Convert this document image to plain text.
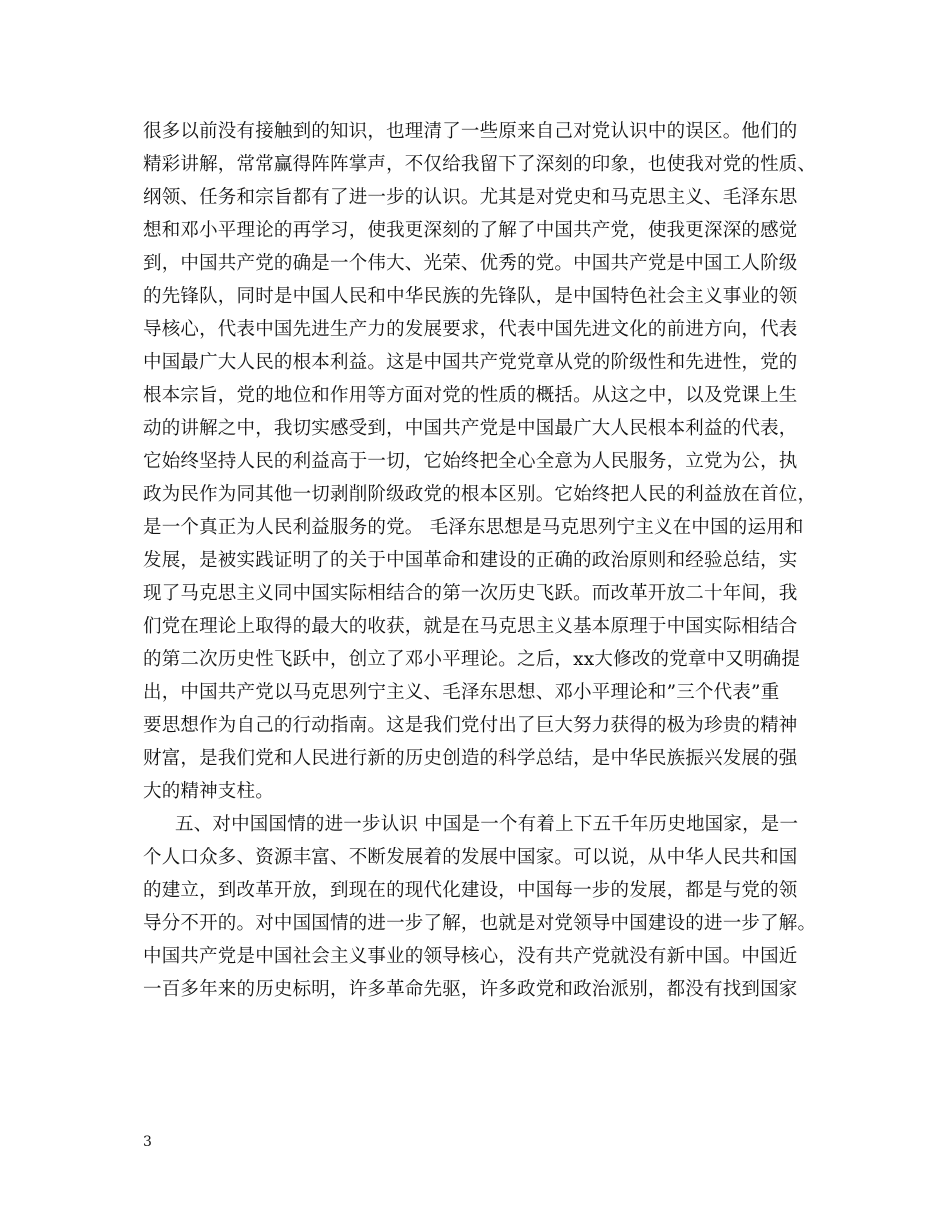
很多以前没有接触到的知识，也理清了一些原来自己对党认识中的误区。他们的
精彩讲解，常常赢得阵阵掌声，不仅给我留下了深刻的印象，也使我对党的性质、
纲领、任务和宗旨都有了进一步的认识。尤其是对党史和马克思主义、毛泽东思
想和邓小平理论的再学习，使我更深刻的了解了中国共产党，使我更深深的感觉
到，中国共产党的确是一个伟大、光荣、优秀的党。中国共产党是中国工人阶级
的先锋队，同时是中国人民和中华民族的先锋队，是中国特色社会主义事业的领
导核心，代表中国先进生产力的发展要求，代表中国先进文化的前进方向，代表
中国最广大人民的根本利益。这是中国共产党党章从党的阶级性和先进性，党的
根本宗旨，党的地位和作用等方面对党的性质的概括。从这之中，以及党课上生
动的讲解之中，我切实感受到，中国共产党是中国最广大人民根本利益的代表，
它始终坚持人民的利益高于一切，它始终把全心全意为人民服务，立党为公，执
政为民作为同其他一切剥削阶级政党的根本区别。它始终把人民的利益放在首位，
是一个真正为人民利益服务的党。 毛泽东思想是马克思列宁主义在中国的运用和
发展，是被实践证明了的关于中国革命和建设的正确的政治原则和经验总结，实
现了马克思主义同中国实际相结合的第一次历史飞跃。而改革开放二十年间，我
们党在理论上取得的最大的收获，就是在马克思主义基本原理于中国实际相结合
的第二次历史性飞跃中，创立了邓小平理论。之后，xx大修改的党章中又明确提
出，中国共产党以马克思列宁主义、毛泽东思想、邓小平理论和”三个代表”重
要思想作为自己的行动指南。这是我们党付出了巨大努力获得的极为珍贵的精神
财富，是我们党和人民进行新的历史创造的科学总结，是中华民族振兴发展的强
大的精神支柱。
五、对中国国情的进一步认识 中国是一个有着上下五千年历史地国家，是一
个人口众多、资源丰富、不断发展着的发展中国家。可以说，从中华人民共和国
的建立，到改革开放，到现在的现代化建设，中国每一步的发展，都是与党的领
导分不开的。对中国国情的进一步了解，也就是对党领导中国建设的进一步了解。
中国共产党是中国社会主义事业的领导核心，没有共产党就没有新中国。中国近
一百多年来的历史标明，许多革命先驱，许多政党和政治派别，都没有找到国家
3
